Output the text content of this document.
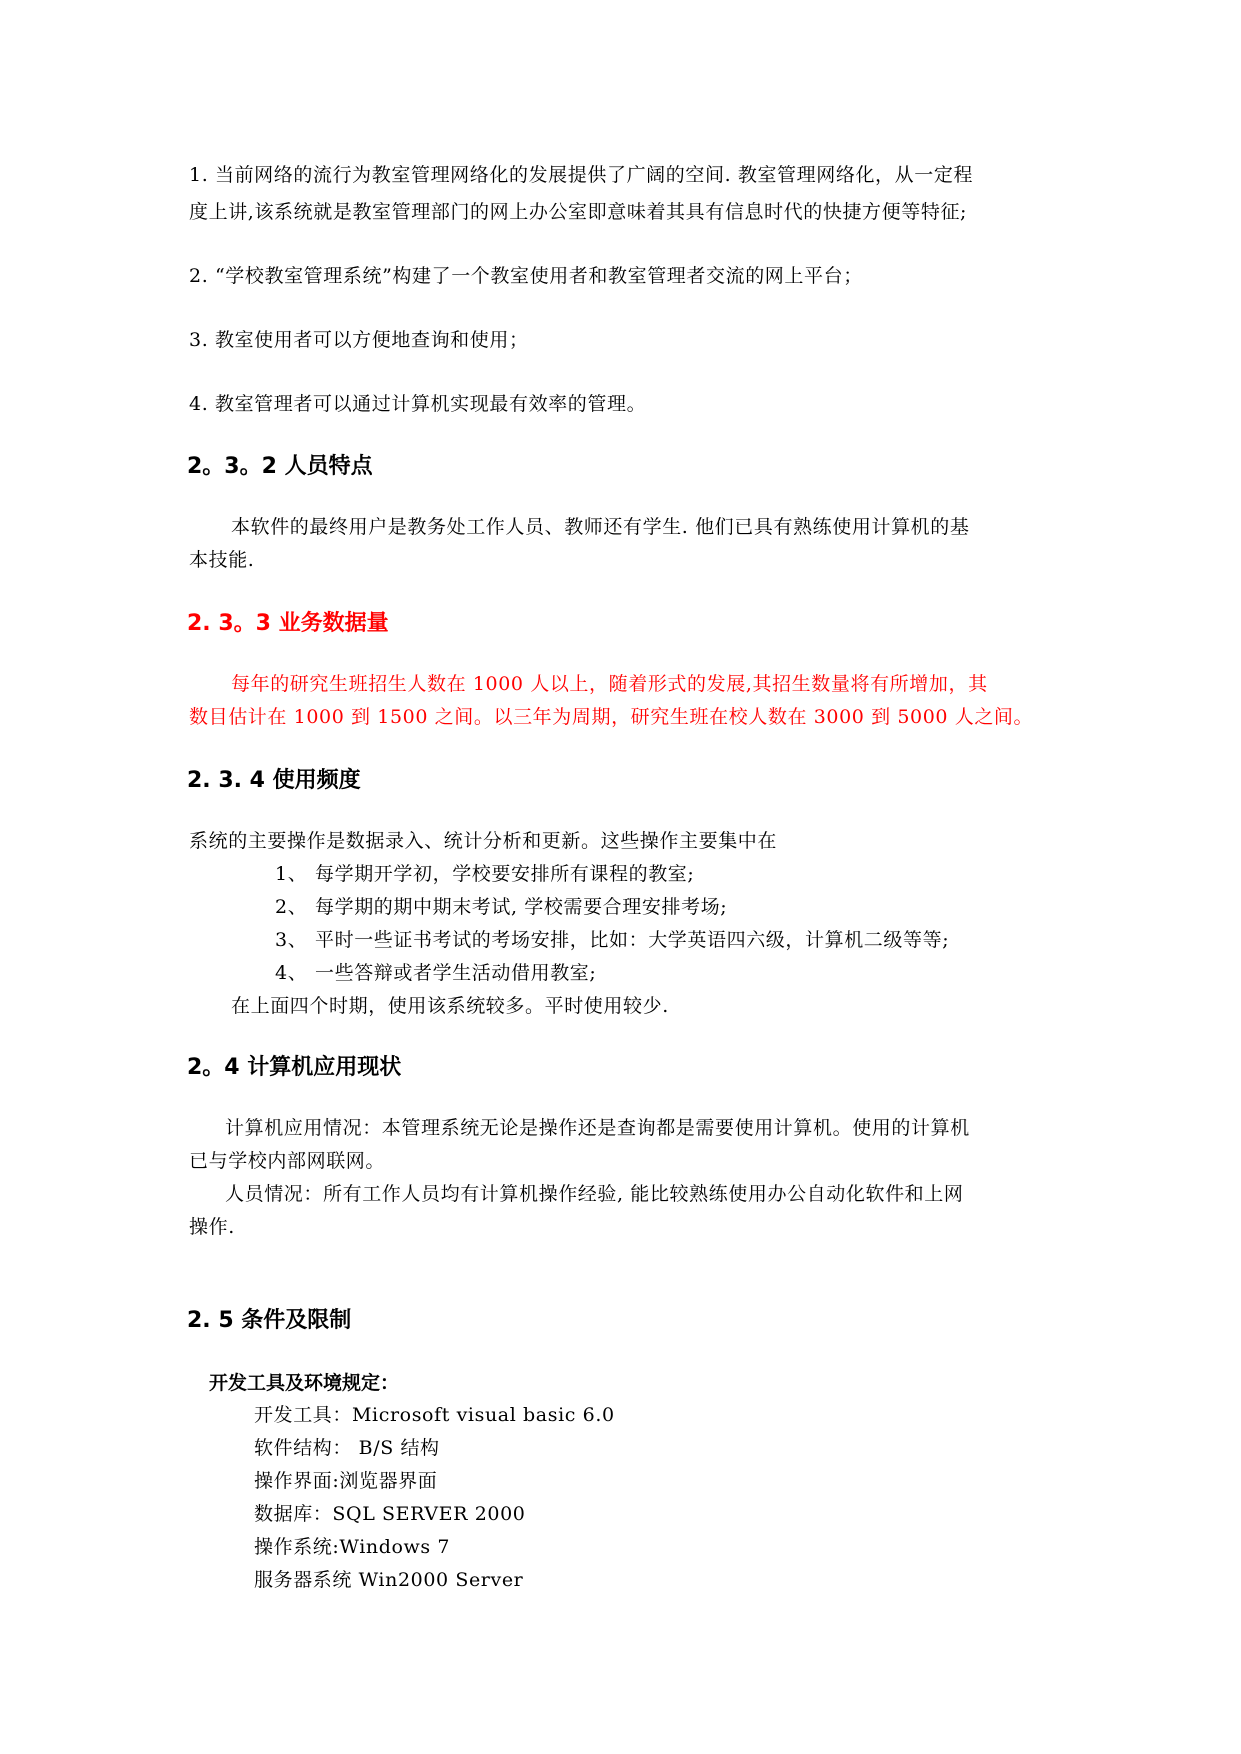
1. 当前网络的流行为教室管理网络化的发展提供了广阔的空间. 教室管理网络化，从一定程
度上讲,该系统就是教室管理部门的网上办公室即意味着其具有信息时代的快捷方便等特征;
2. “学校教室管理系统”构建了一个教室使用者和教室管理者交流的网上平台；
3. 教室使用者可以方便地查询和使用；
4. 教室管理者可以通过计算机实现最有效率的管理。
2。3。2 人员特点
本软件的最终用户是教务处工作人员、教师还有学生. 他们已具有熟练使用计算机的基
本技能.
2. 3。3 业务数据量
每年的研究生班招生人数在 1000 人以上，随着形式的发展,其招生数量将有所增加，其
数目估计在 1000 到 1500 之间。以三年为周期，研究生班在校人数在 3000 到 5000 人之间。
2. 3. 4 使用频度
系统的主要操作是数据录入、统计分析和更新。这些操作主要集中在
1、 每学期开学初，学校要安排所有课程的教室;
2、 每学期的期中期末考试, 学校需要合理安排考场;
3、 平时一些证书考试的考场安排，比如：大学英语四六级，计算机二级等等;
4、 一些答辩或者学生活动借用教室;
在上面四个时期，使用该系统较多。平时使用较少.
2。4 计算机应用现状
计算机应用情况：本管理系统无论是操作还是查询都是需要使用计算机。使用的计算机
已与学校内部网联网。
人员情况：所有工作人员均有计算机操作经验, 能比较熟练使用办公自动化软件和上网
操作.
2. 5 条件及限制
开发工具及环境规定：
开发工具：Microsoft visual basic 6.0
软件结构： B/S 结构
操作界面:浏览器界面
数据库：SQL SERVER 2000
操作系统:Windows 7
服务器系统 Win2000 Server
